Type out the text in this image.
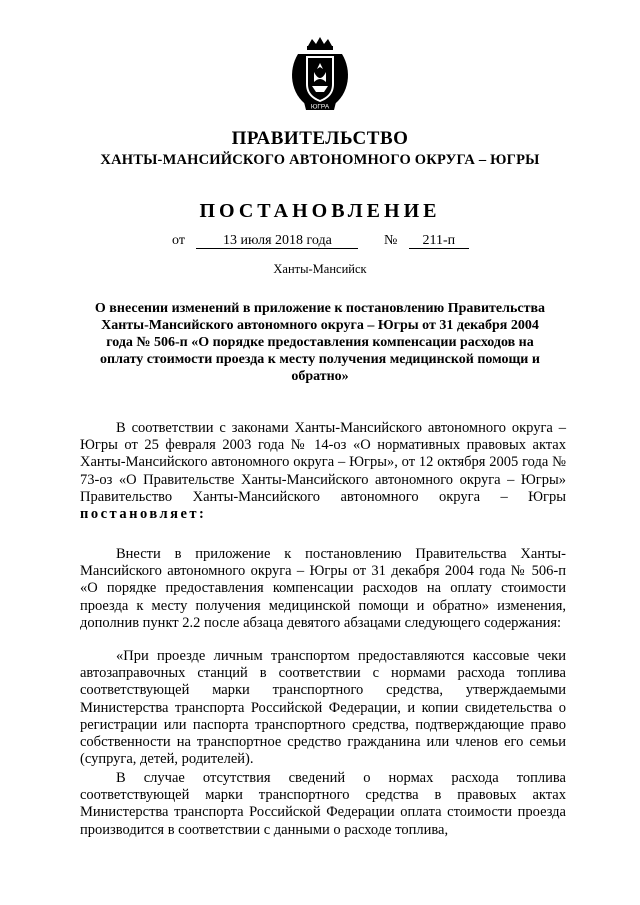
ЮГРА
ПРАВИТЕЛЬСТВО
ХАНТЫ-МАНСИЙСКОГО АВТОНОМНОГО ОКРУГА – ЮГРЫ
ПОСТАНОВЛЕНИЕ
от	13 июля 2018 года	№ 211-п
Ханты-Мансийск
О внесении изменений в приложение к постановлению Правительства Ханты-Мансийского автономного округа – Югры от 31 декабря 2004 года № 506-п «О порядке предоставления компенсации расходов на оплату стоимости проезда к месту получения медицинской помощи и обратно»
В соответствии с законами Ханты-Мансийского автономного округа – Югры от 25 февраля 2003 года № 14-оз «О нормативных правовых актах Ханты-Мансийского автономного округа – Югры», от 12 октября 2005 года № 73-оз «О Правительстве Ханты-Мансийского автономного округа – Югры» Правительство Ханты-Мансийского автономного округа – Югры постановляет:
Внести в приложение к постановлению Правительства Ханты-Мансийского автономного округа – Югры от 31 декабря 2004 года № 506-п «О порядке предоставления компенсации расходов на оплату стоимости проезда к месту получения медицинской помощи и обратно» изменения, дополнив пункт 2.2 после абзаца девятого абзацами следующего содержания:
«При проезде личным транспортом предоставляются кассовые чеки автозаправочных станций в соответствии с нормами расхода топлива соответствующей марки транспортного средства, утверждаемыми Министерства транспорта Российской Федерации, и копии свидетельства о регистрации или паспорта транспортного средства, подтверждающие право собственности на транспортное средство гражданина или членов его семьи (супруга, детей, родителей).
В случае отсутствия сведений о нормах расхода топлива соответствующей марки транспортного средства в правовых актах Министерства транспорта Российской Федерации оплата стоимости проезда производится в соответствии с данными о расходе топлива,
